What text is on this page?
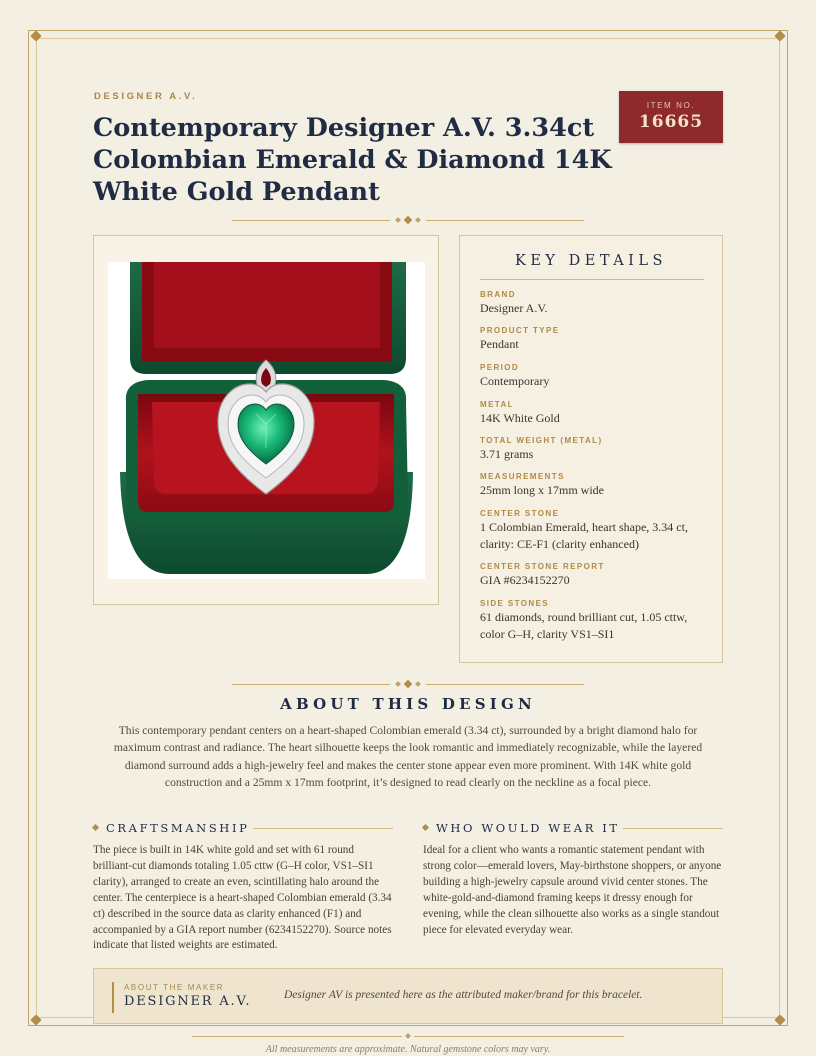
DESIGNER A.V.
Contemporary Designer A.V. 3.34ct Colombian Emerald & Diamond 14K White Gold Pendant
ITEM NO.
16665
KEY DETAILS
BRAND
Designer A.V.
PRODUCT TYPE
Pendant
PERIOD
Contemporary
METAL
14K White Gold
TOTAL WEIGHT (METAL)
3.71 grams
MEASUREMENTS
25mm long x 17mm wide
CENTER STONE
1 Colombian Emerald, heart shape, 3.34 ct, clarity: CE-F1 (clarity enhanced)
CENTER STONE REPORT
GIA #6234152270
SIDE STONES
61 diamonds, round brilliant cut, 1.05 cttw, color G–H, clarity VS1–SI1
ABOUT THIS DESIGN

This contemporary pendant centers on a heart-shaped Colombian emerald (3.34 ct), surrounded by a bright diamond halo for maximum contrast and radiance. The heart silhouette keeps the look romantic and immediately recognizable, while the layered diamond surround adds a high-jewelry feel and makes the center stone appear even more prominent. With 14K white gold construction and a 25mm x 17mm footprint, it’s designed to read clearly on the neckline as a focal piece.

CRAFTSMANSHIP

The piece is built in 14K white gold and set with 61 round brilliant-cut diamonds totaling 1.05 cttw (G–H color, VS1–SI1 clarity), arranged to create an even, scintillating halo around the center. The centerpiece is a heart-shaped Colombian emerald (3.34 ct) described in the source data as clarity enhanced (F1) and accompanied by a GIA report number (6234152270). Source notes indicate that listed weights are estimated.

WHO WOULD WEAR IT

Ideal for a client who wants a romantic statement pendant with strong color—emerald lovers, May-birthstone shoppers, or anyone building a high-jewelry capsule around vivid center stones. The white-gold-and-diamond framing keeps it dressy enough for evening, while the clean silhouette also works as a single standout piece for elevated everyday wear.

ABOUT THE MAKER
DESIGNER A.V.	Designer AV is presented here as the attributed maker/brand for this bracelet.
All measurements are approximate. Natural gemstone colors may vary.
